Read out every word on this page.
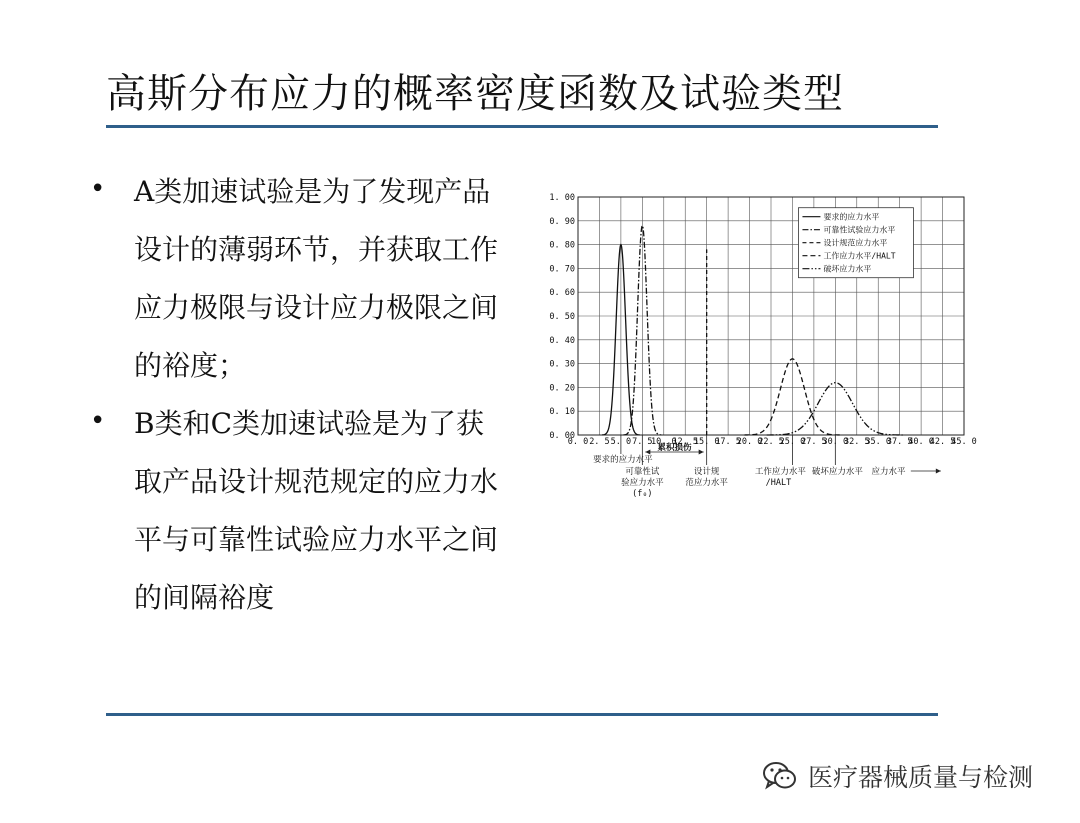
高斯分布应力的概率密度函数及试验类型
• A类加速试验是为了发现产品设计的薄弱环节，并获取工作应力极限与设计应力极限之间的裕度；

• B类和C类加速试验是为了获取产品设计规范规定的应力水平与可靠性试验应力水平之间的间隔裕度

0. 0 2. 5 5. 0 7. 5
10. 0
12. 5
15. 0
17. 5
20. 0
22. 5
25. 0
27. 5
30. 0
32. 5
35. 0
37. 5
40. 0
42. 5
45. 0
0. 00
0. 10
0. 20
0. 30
0. 40
0. 50
0. 60
0. 70
0. 80
0. 90
1. 00
要求的应力水平
可靠性试验应力水平
设计规范应力水平
工作应力水平/HALT
破坏应力水平
要求的应力水平
可靠性试
验应力水平
(f₀)
设计规
范应力水平
累积损伤
工作应力水平
/HALT
破坏应力水平 应力水平
医疗器械质量与检测
